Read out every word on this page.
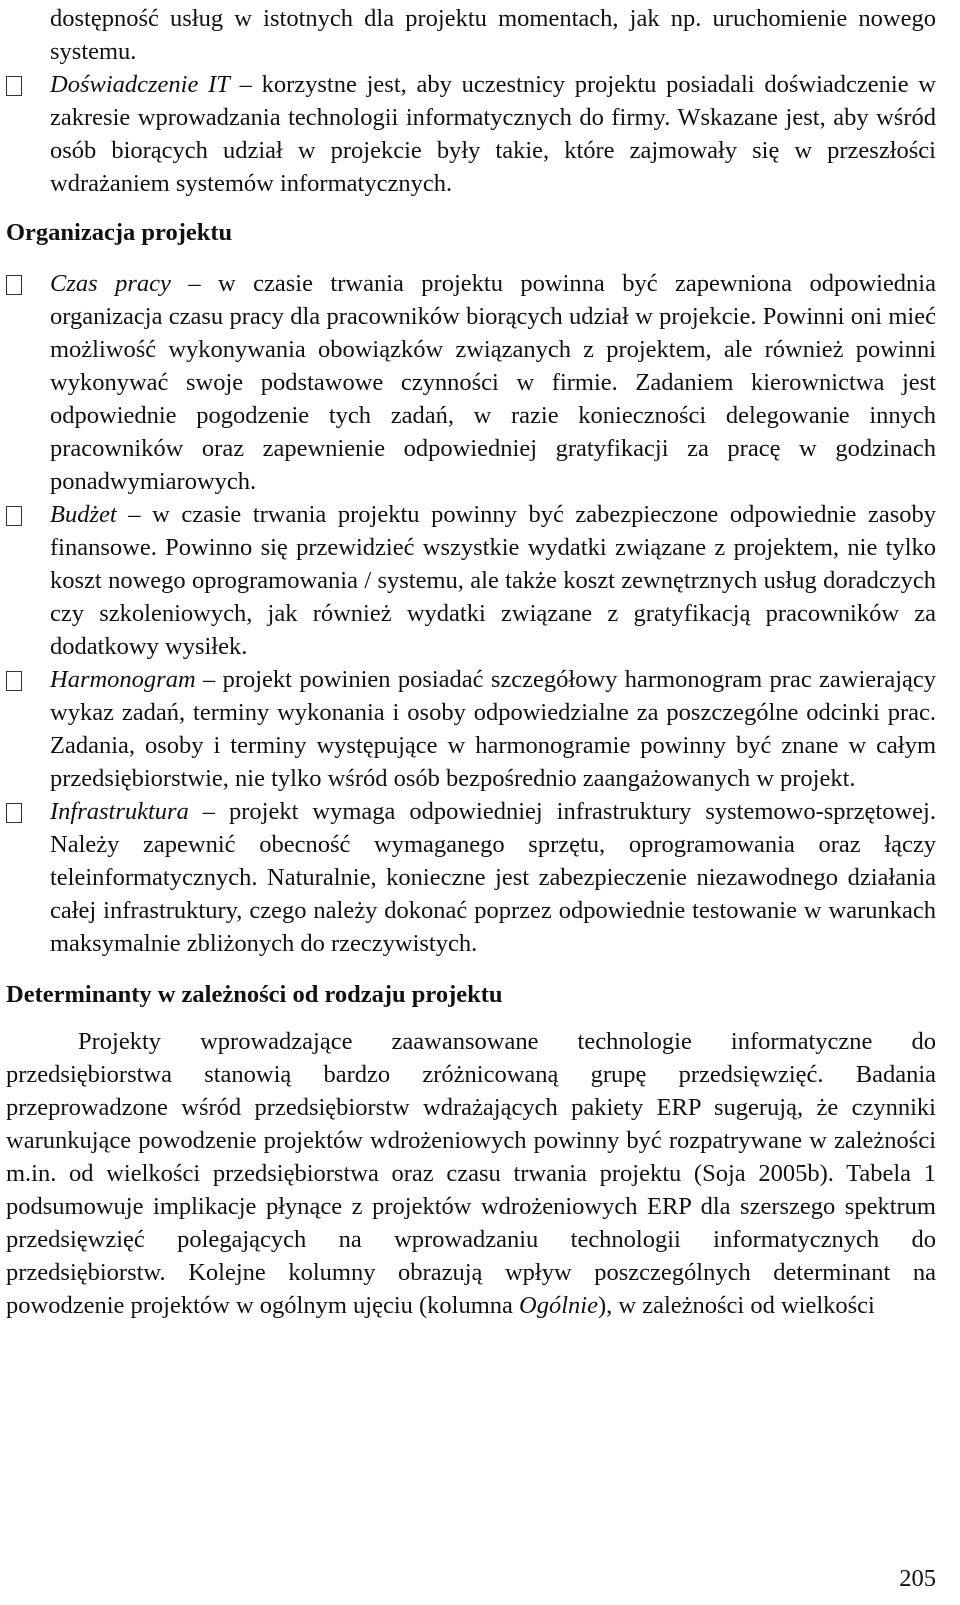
dostępność usług w istotnych dla projektu momentach, jak np. uruchomienie nowego systemu.

Doświadczenie IT – korzystne jest, aby uczestnicy projektu posiadali doświadczenie w zakresie wprowadzania technologii informatycznych do firmy. Wskazane jest, aby wśród osób biorących udział w projekcie były takie, które zajmowały się w przeszłości wdrażaniem systemów informatycznych.

Organizacja projektu

Czas pracy – w czasie trwania projektu powinna być zapewniona odpowiednia organizacja czasu pracy dla pracowników biorących udział w projekcie. Powinni oni mieć możliwość wykonywania obowiązków związanych z projektem, ale również powinni wykonywać swoje podstawowe czynności w firmie. Zadaniem kierownictwa jest odpowiednie pogodzenie tych zadań, w razie konieczności delegowanie innych pracowników oraz zapewnienie odpowiedniej gratyfikacji za pracę w godzinach ponadwymiarowych.

Budżet – w czasie trwania projektu powinny być zabezpieczone odpowiednie zasoby finansowe. Powinno się przewidzieć wszystkie wydatki związane z projektem, nie tylko koszt nowego oprogramowania / systemu, ale także koszt zewnętrznych usług doradczych czy szkoleniowych, jak również wydatki związane z gratyfikacją pracowników za dodatkowy wysiłek.

Harmonogram – projekt powinien posiadać szczegółowy harmonogram prac zawierający wykaz zadań, terminy wykonania i osoby odpowiedzialne za poszczególne odcinki prac. Zadania, osoby i terminy występujące w harmonogramie powinny być znane w całym przedsiębiorstwie, nie tylko wśród osób bezpośrednio zaangażowanych w projekt.

Infrastruktura – projekt wymaga odpowiedniej infrastruktury systemowo-sprzętowej. Należy zapewnić obecność wymaganego sprzętu, oprogramowania oraz łączy teleinformatycznych. Naturalnie, konieczne jest zabezpieczenie niezawodnego działania całej infrastruktury, czego należy dokonać poprzez odpowiednie testowanie w warunkach maksymalnie zbliżonych do rzeczywistych.

Determinanty w zależności od rodzaju projektu

Projekty wprowadzające zaawansowane technologie informatyczne do przedsiębiorstwa stanowią bardzo zróżnicowaną grupę przedsięwzięć. Badania przeprowadzone wśród przedsiębiorstw wdrażających pakiety ERP sugerują, że czynniki warunkujące powodzenie projektów wdrożeniowych powinny być rozpatrywane w zależności m.in. od wielkości przedsiębiorstwa oraz czasu trwania projektu (Soja 2005b). Tabela 1 podsumowuje implikacje płynące z projektów wdrożeniowych ERP dla szerszego spektrum przedsięwzięć polegających na wprowadzaniu technologii informatycznych do przedsiębiorstw. Kolejne kolumny obrazują wpływ poszczególnych determinant na powodzenie projektów w ogólnym ujęciu (kolumna Ogólnie), w zależności od wielkości

205
